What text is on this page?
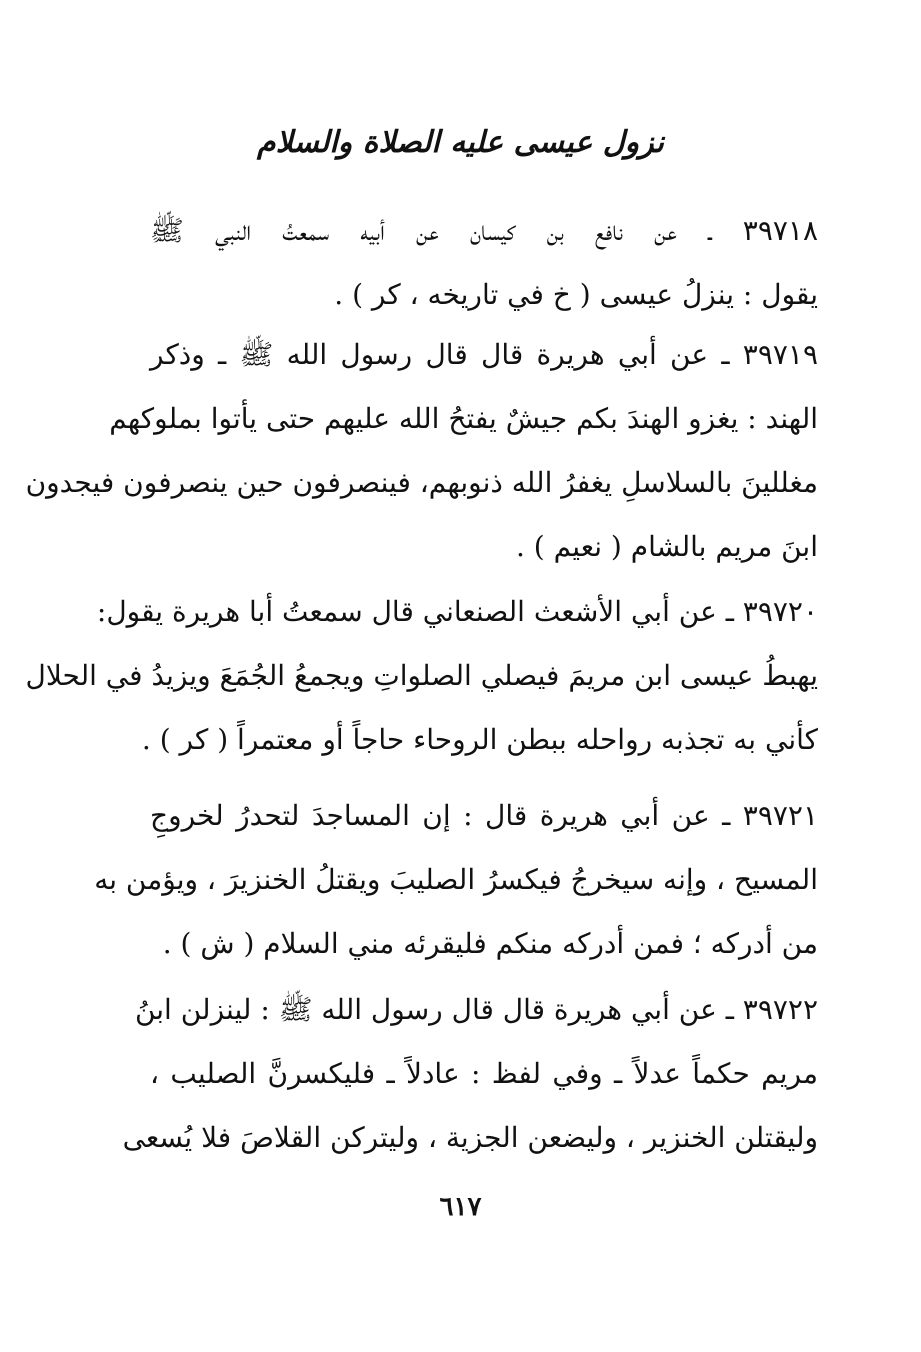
نزول عيسى عليه الصلاة والسلام
٣٩٧١٨ ـ عن نافع بن كيسان عن أبيه سمعتُ النبي ﷺ
يقول : ينزلُ عيسى ( خ في تاريخه ، كر ) .
٣٩٧١٩ ـ عن أبي هريرة قال قال رسول الله ﷺ ـ وذكر
الهند : يغزو الهندَ بكم جيشٌ يفتحُ الله عليهم حتى يأتوا بملوكهم
مغللينَ بالسلاسلِ يغفرُ الله ذنوبهم، فينصرفون حين ينصرفون فيجدون
ابنَ مريم بالشام ( نعيم ) .
٣٩٧٢٠ ـ عن أبي الأشعث الصنعاني قال سمعتُ أبا هريرة يقول:
يهبطُ عيسى ابن مريمَ فيصلي الصلواتِ ويجمعُ الجُمَعَ ويزيدُ في الحلال
كأني به تجذبه رواحله ببطن الروحاء حاجاً أو معتمراً ( كر ) .
٣٩٧٢١ ـ عن أبي هريرة قال : إن المساجدَ لتحدرُ لخروجِ
المسيح ، وإنه سيخرجُ فيكسرُ الصليبَ ويقتلُ الخنزيرَ ، ويؤمن به
من أدركه ؛ فمن أدركه منكم فليقرئه مني السلام ( ش ) .
٣٩٧٢٢ ـ عن أبي هريرة قال قال رسول الله ﷺ : لينزلن ابنُ
مريم حكماً عدلاً ـ وفي لفظ : عادلاً ـ فليكسرنَّ الصليب ،
وليقتلن الخنزير ، وليضعن الجزية ، وليتركن القلاصَ فلا يُسعى
٦١٧
